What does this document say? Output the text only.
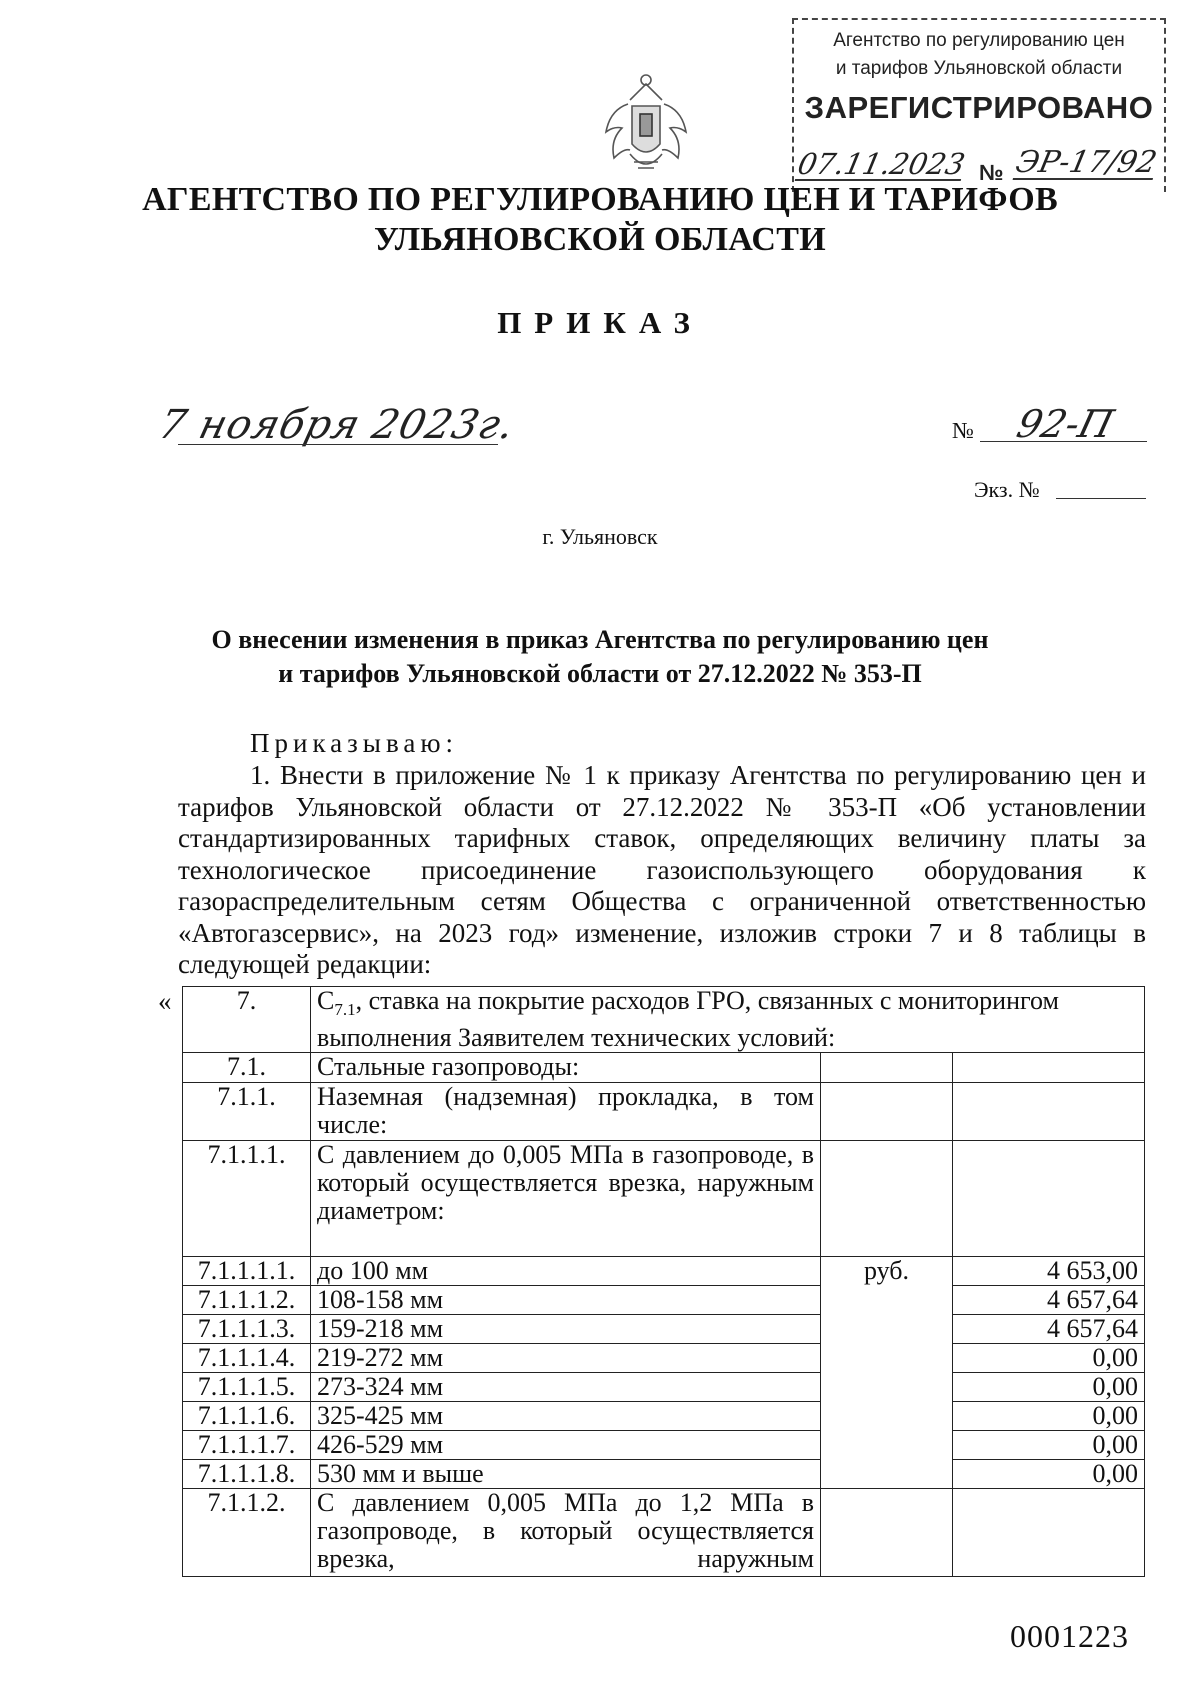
Агентство по регулированию цен
и тарифов Ульяновской области
ЗАРЕГИСТРИРОВАНО
07.11.2023 № ЭР-17/92
АГЕНТСТВО ПО РЕГУЛИРОВАНИЮ ЦЕН И ТАРИФОВ
УЛЬЯНОВСКОЙ ОБЛАСТИ
ПРИКАЗ
7 ноября 2023г.	№ 92-П
Экз. №
г. Ульяновск
О внесении изменения в приказ Агентства по регулированию цен
и тарифов Ульяновской области от 27.12.2022 № 353-П
Приказываю:
1. Внести в приложение № 1 к приказу Агентства по регулированию цен и тарифов Ульяновской области от 27.12.2022 № 353-П «Об установлении стандартизированных тарифных ставок, определяющих величину платы за технологическое присоединение газоиспользующего оборудования к газораспределительным сетям Общества с ограниченной ответственностью «Автогазсервис», на 2023 год» изменение, изложив строки 7 и 8 таблицы в следующей редакции:
«	7.	$C_{7.1}$, ставка на покрытие расходов ГРО, связанных с мониторингом выполнения Заявителем технических условий:		
7.1.	Стальные газопроводы:		
7.1.1.	Наземная (надземная) прокладка, в том числе:		
7.1.1.1.	С давлением до 0,005 МПа в газопроводе, в который осуществляется врезка, наружным диаметром:		
7.1.1.1.1.	до 100 мм	руб.	4 653,00
7.1.1.1.2.	108-158 мм		4 657,64
7.1.1.1.3.	159-218 мм		4 657,64
7.1.1.1.4.	219-272 мм		0,00
7.1.1.1.5.	273-324 мм		0,00
7.1.1.1.6.	325-425 мм		0,00
7.1.1.1.7.	426-529 мм		0,00
7.1.1.1.8.	530 мм и выше		0,00
7.1.1.2.	С давлением 0,005 МПа до 1,2 МПа в газопроводе, в который осуществляется врезка, наружным		
0001223
